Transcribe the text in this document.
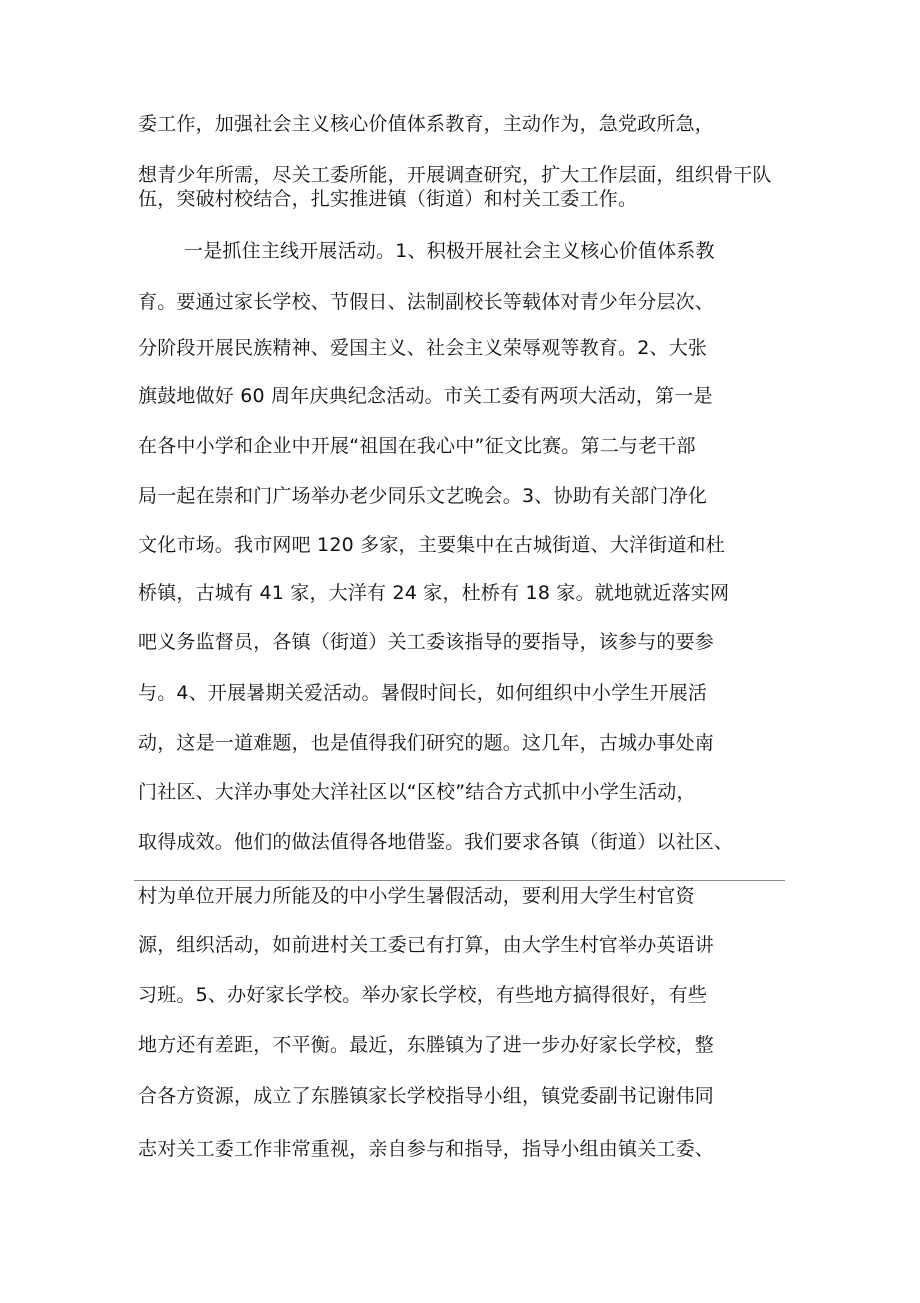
委工作，加强社会主义核心价值体系教育，主动作为，急党政所急，
想青少年所需，尽关工委所能，开展调查研究，扩大工作层面，组织骨干队
伍，突破村校结合，扎实推进镇（街道）和村关工委工作。
一是抓住主线开展活动。1、积极开展社会主义核心价值体系教
育。要通过家长学校、节假日、法制副校长等载体对青少年分层次、
分阶段开展民族精神、爱国主义、社会主义荣辱观等教育。2、大张
旗鼓地做好 60 周年庆典纪念活动。市关工委有两项大活动，第一是
在各中小学和企业中开展“祖国在我心中”征文比赛。第二与老干部
局一起在崇和门广场举办老少同乐文艺晚会。3、协助有关部门净化
文化市场。我市网吧 120 多家，主要集中在古城街道、大洋街道和杜
桥镇，古城有 41 家，大洋有 24 家，杜桥有 18 家。就地就近落实网
吧义务监督员，各镇（街道）关工委该指导的要指导，该参与的要参
与。4、开展暑期关爱活动。暑假时间长，如何组织中小学生开展活
动，这是一道难题，也是值得我们研究的题。这几年，古城办事处南
门社区、大洋办事处大洋社区以“区校”结合方式抓中小学生活动，
取得成效。他们的做法值得各地借鉴。我们要求各镇（街道）以社区、
村为单位开展力所能及的中小学生暑假活动，要利用大学生村官资
源，组织活动，如前进村关工委已有打算，由大学生村官举办英语讲
习班。5、办好家长学校。举办家长学校，有些地方搞得很好，有些
地方还有差距，不平衡。最近，东塍镇为了进一步办好家长学校，整
合各方资源，成立了东塍镇家长学校指导小组，镇党委副书记谢伟同
志对关工委工作非常重视，亲自参与和指导，指导小组由镇关工委、
